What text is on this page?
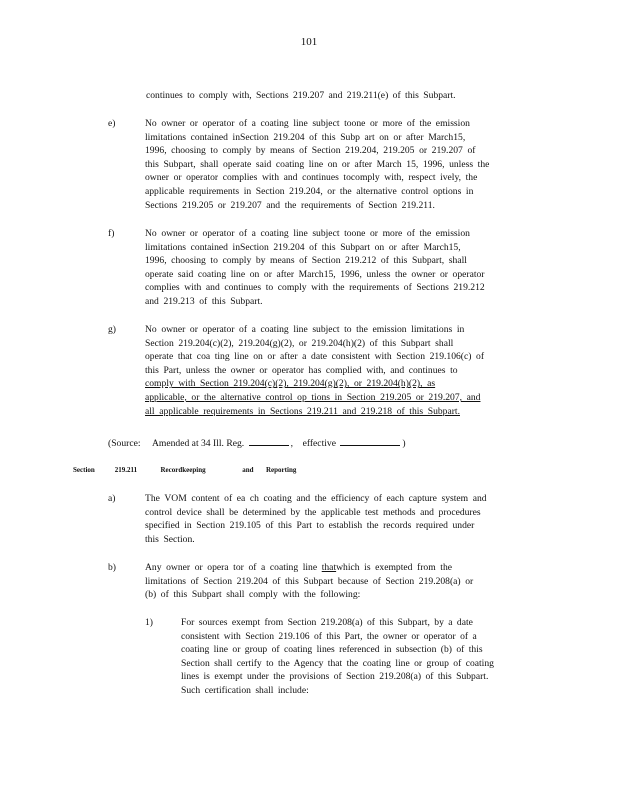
101
continues to comply with, Sections 219.207 and 219.211(e) of this Subpart.
e)	No owner or operator of a coating line subject toone or more of the emission
limitations contained inSection 219.204 of this Subp art on or after March15,
1996, choosing to comply by means of Section 219.204, 219.205 or 219.207 of
this Subpart, shall operate said coating line on or after March 15, 1996, unless the
owner or operator complies with and continues tocomply with, respect ively, the
applicable requirements in Section 219.204, or the alternative control options in
Sections 219.205 or 219.207 and the requirements of Section 219.211.
f)	No owner or operator of a coating line subject toone or more of the emission
limitations contained inSection 219.204 of this Subpart on or after March15,
1996, choosing to comply by means of Section 219.212 of this Subpart, shall
operate said coating line on or after March15, 1996, unless the owner or operator
complies with and continues to comply with the requirements of Sections 219.212
and 219.213 of this Subpart.
g)	No owner or operator of a coating line subject to the emission limitations in
Section 219.204(c)(2), 219.204(g)(2), or 219.204(h)(2) of this Subpart shall
operate that coa ting line on or after a date consistent with Section 219.106(c) of
this Part, unless the owner or operator has complied with, and continues to
comply with Section 219.204(c)(2), 219.204(g)(2), or 219.204(h)(2), as
applicable, or the alternative control op tions in Section 219.205 or 219.207, and
all applicable requirements in Sections 219.211 and 219.218 of this Subpart.
(Source: Amended at 34 Ill. Reg.	, effective	)
Section	219.211	Recordkeeping	and Reporting
a)	The VOM content of ea ch coating and the efficiency of each capture system and
control device shall be determined by the applicable test methods and procedures
specified in Section 219.105 of this Part to establish the records required under
this Section.
b)	Any owner or opera tor of a coating line thatwhich is exempted from the
limitations of Section 219.204 of this Subpart because of Section 219.208(a) or
(b) of this Subpart shall comply with the following:
1)	For sources exempt from Section 219.208(a) of this Subpart, by a date
consistent with Section 219.106 of this Part, the owner or operator of a
coating line or group of coating lines referenced in subsection (b) of this
Section shall certify to the Agency that the coating line or group of coating
lines is exempt under the provisions of Section 219.208(a) of this Subpart.
Such certification shall include:
